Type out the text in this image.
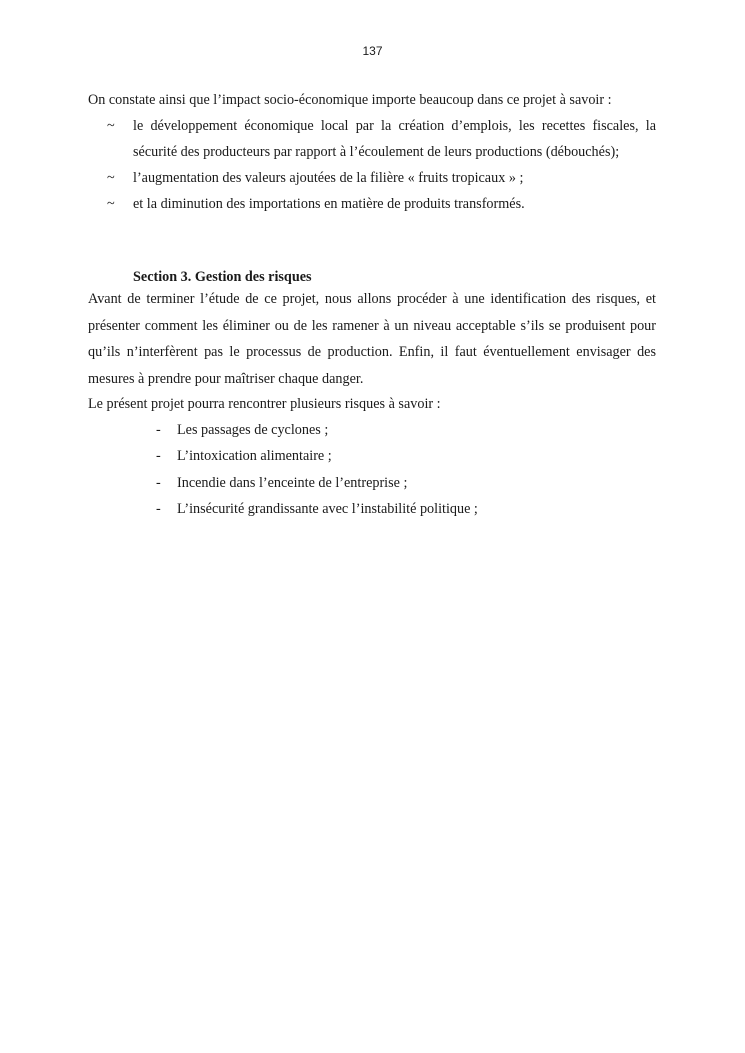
137

On constate ainsi que l’impact socio-économique importe beaucoup dans ce projet à savoir :

~ le développement économique local par la création d’emplois, les recettes fiscales, la sécurité des producteurs par rapport à l’écoulement de leurs productions (débouchés);
~ l’augmentation des valeurs ajoutées de la filière « fruits tropicaux » ;
~ et la diminution des importations en matière de produits transformés.
Section 3. Gestion des risques

Avant de terminer l’étude de ce projet, nous allons procéder à une identification des risques, et présenter comment les éliminer ou de les ramener à un niveau acceptable s’ils se produisent pour qu’ils n’interfèrent pas le processus de production. Enfin, il faut éventuellement envisager des mesures à prendre pour maîtriser chaque danger.

Le présent projet pourra rencontrer plusieurs risques à savoir :

- Les passages de cyclones ;
- L’intoxication alimentaire ;
- Incendie dans l’enceinte de l’entreprise ;
- L’insécurité grandissante avec l’instabilité politique ;
